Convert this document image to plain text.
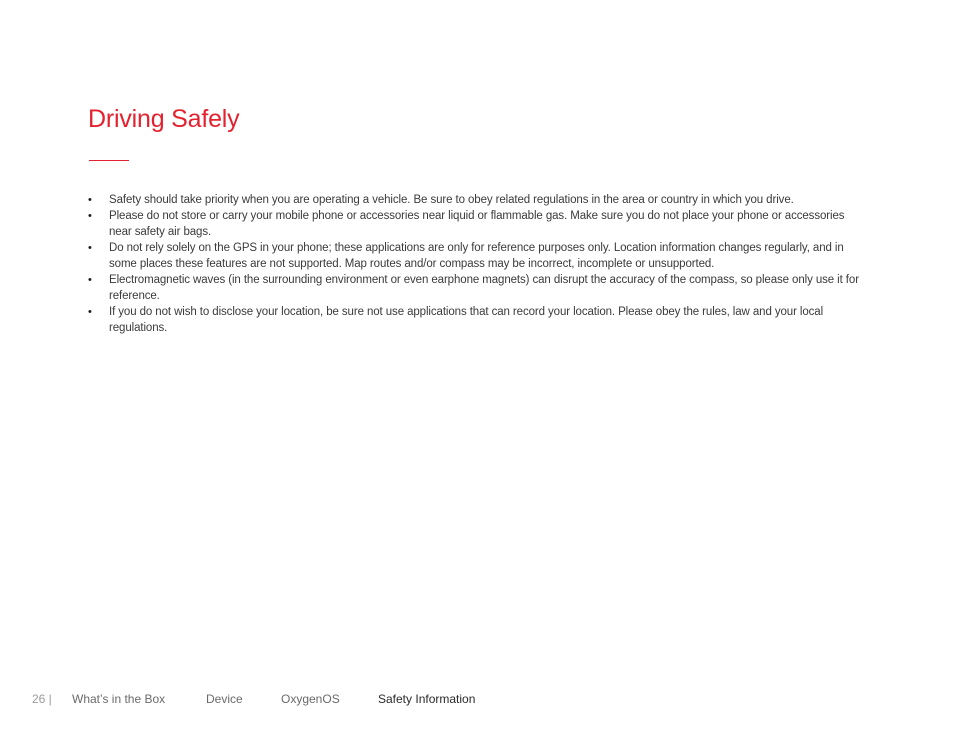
Driving Safely
• Safety should take priority when you are operating a vehicle. Be sure to obey related regulations in the area or country in which you drive.
• Please do not store or carry your mobile phone or accessories near liquid or flammable gas. Make sure you do not place your phone or accessories near safety air bags.
• Do not rely solely on the GPS in your phone; these applications are only for reference purposes only. Location information changes regularly, and in some places these features are not supported. Map routes and/or compass may be incorrect, incomplete or unsupported.
• Electromagnetic waves (in the surrounding environment or even earphone magnets) can disrupt the accuracy of the compass, so please only use it for reference.
• If you do not wish to disclose your location, be sure not use applications that can record your location. Please obey the rules, law and your local regulations.
26 | What’s in the Box	Device	OxygenOS	Safety Information
